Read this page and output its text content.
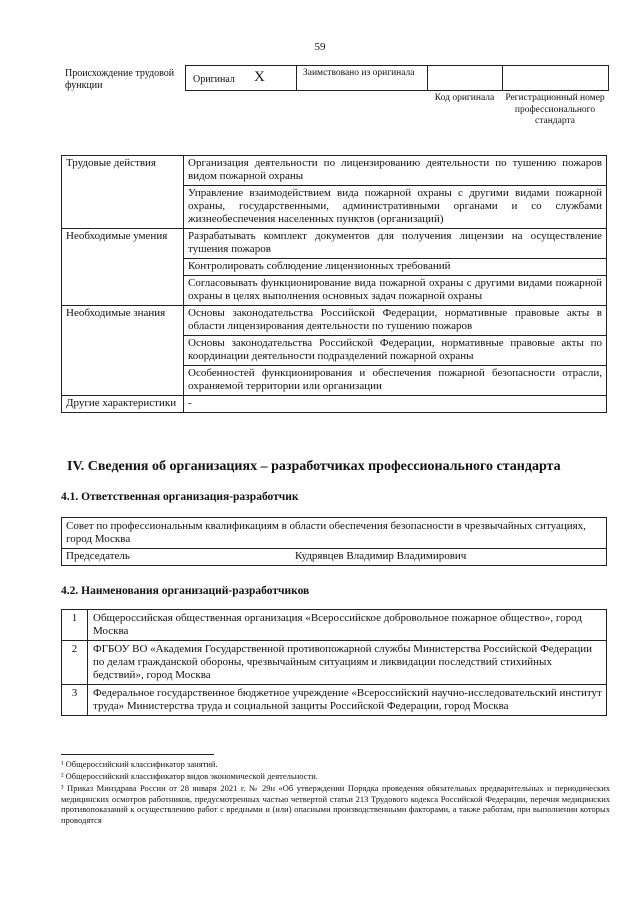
59
Происхождение трудовой функции
Оригинал X	Заимствовано из оригинала
Код оригинала	Регистрационный номер профессионального стандарта
Трудовые действия	Организация деятельности по лицензированию деятельности по тушению пожаров видом пожарной охраны
	Управление взаимодействием вида пожарной охраны с другими видами пожарной охраны, государственными, административными органами и со службами жизнеобеспечения населенных пунктов (организаций)
Необходимые умения	Разрабатывать комплект документов для получения лицензии на осуществление тушения пожаров
	Контролировать соблюдение лицензионных требований
	Согласовывать функционирование вида пожарной охраны с другими видами пожарной охраны в целях выполнения основных задач пожарной охраны
Необходимые знания	Основы законодательства Российской Федерации, нормативные правовые акты в области лицензирования деятельности по тушению пожаров
	Основы законодательства Российской Федерации, нормативные правовые акты по координации деятельности подразделений пожарной охраны
	Особенностей функционирования и обеспечения пожарной безопасности отрасли, охраняемой территории или организации
Другие характеристики	-
IV. Сведения об организациях – разработчиках профессионального стандарта
4.1. Ответственная организация-разработчик
Совет по профессиональным квалификациям в области обеспечения безопасности в чрезвычайных ситуациях, город Москва
Председатель	Кудрявцев Владимир Владимирович
4.2. Наименования организаций-разработчиков
1	Общероссийская общественная организация «Всероссийское добровольное пожарное общество», город Москва
2	ФГБОУ ВО «Академия Государственной противопожарной службы Министерства Российской Федерации по делам гражданской обороны, чрезвычайным ситуациям и ликвидации последствий стихийных бедствий», город Москва
3	Федеральное государственное бюджетное учреждение «Всероссийский научно-исследовательский институт труда» Министерства труда и социальной защиты Российской Федерации, город Москва
¹ Общероссийский классификатор занятий.
² Общероссийский классификатор видов экономической деятельности.
³ Приказ Минздрава России от 28 января 2021 г. № 29н «Об утверждении Порядка проведения обязательных предварительных и периодических медицинских осмотров работников, предусмотренных частью четвертой статьи 213 Трудового кодекса Российской Федерации, перечня медицинских противопоказаний к осуществлению работ с вредными и (или) опасными производственными факторами, а также работам, при выполнении которых проводятся
